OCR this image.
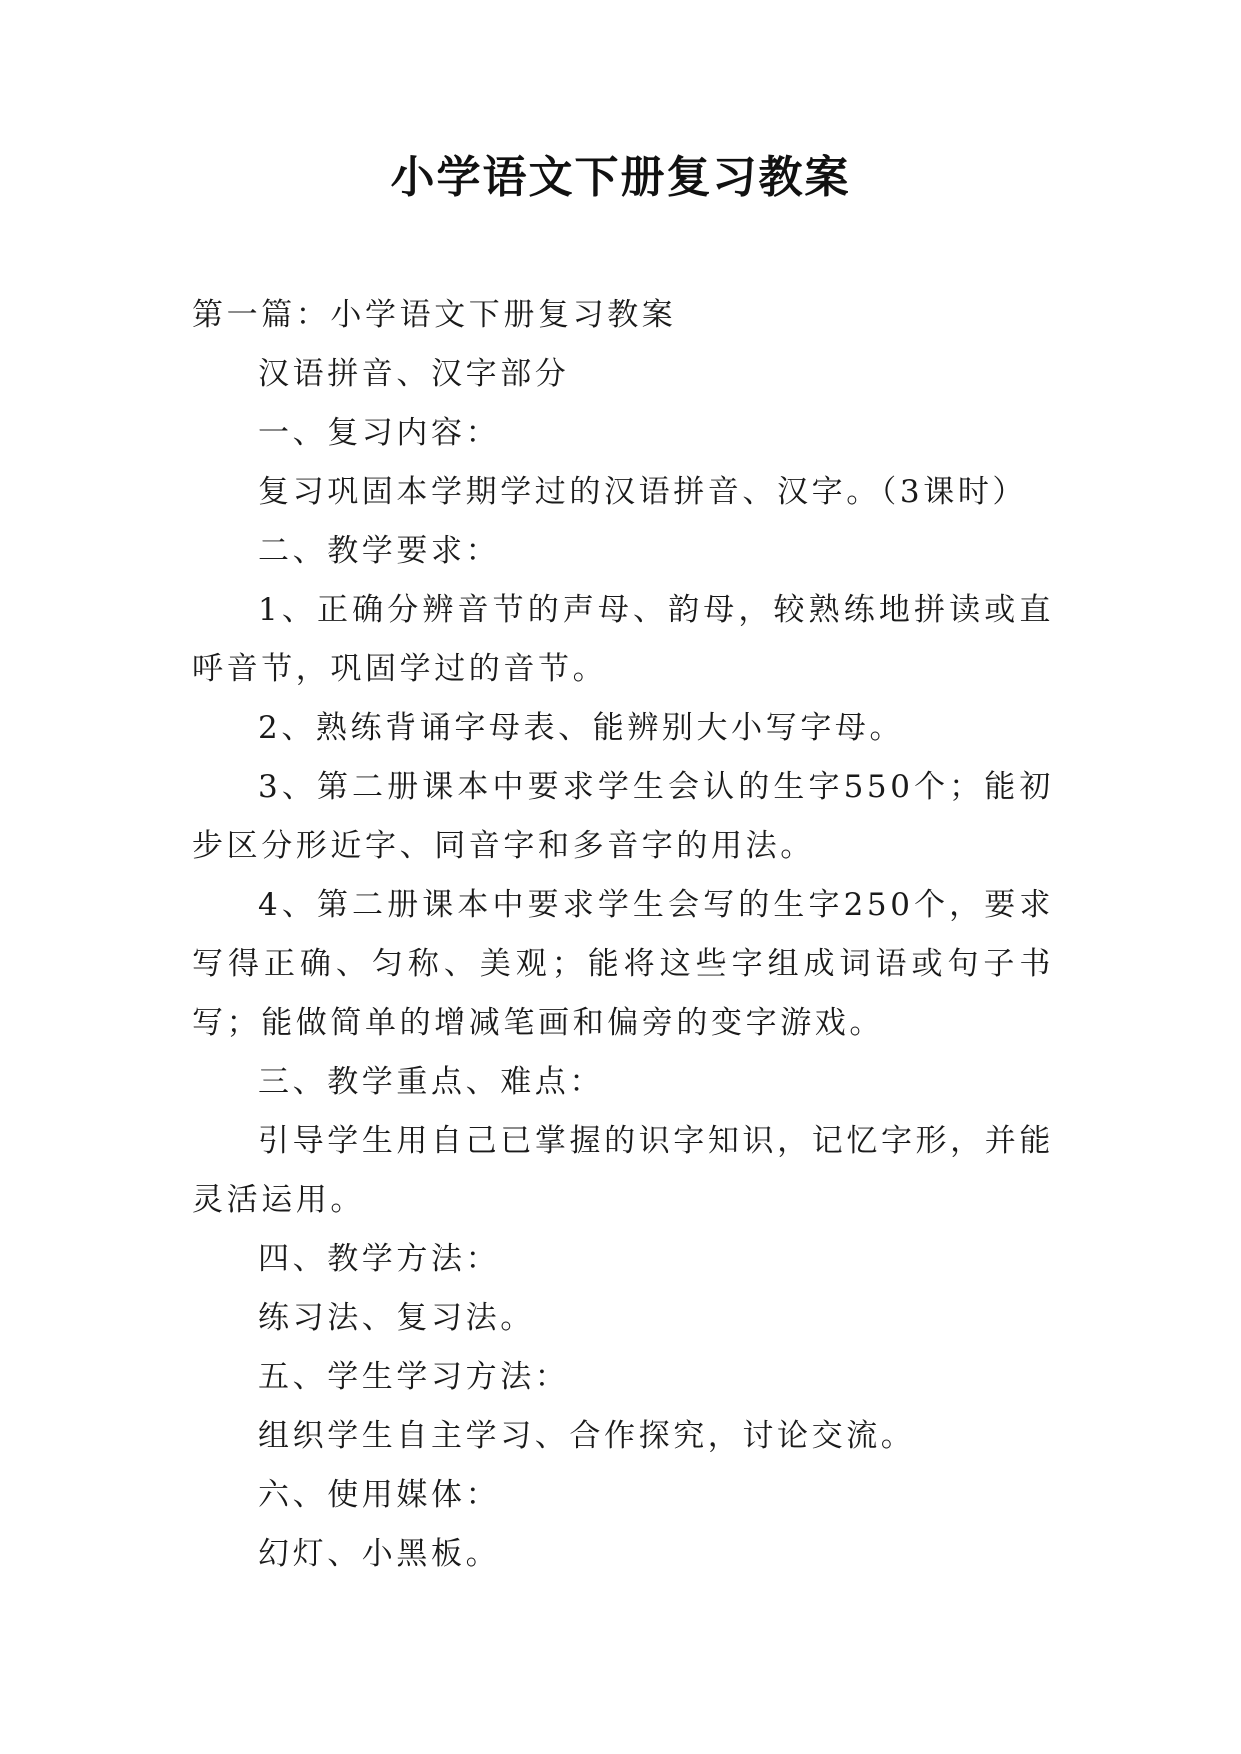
小学语文下册复习教案

第一篇：小学语文下册复习教案

汉语拼音、汉字部分

一、复习内容：

复习巩固本学期学过的汉语拼音、汉字。（3课时）

二、教学要求：

1、正确分辨音节的声母、韵母，较熟练地拼读或直呼音节，巩固学过的音节。

2、熟练背诵字母表、能辨别大小写字母。

3、第二册课本中要求学生会认的生字550个；能初步区分形近字、同音字和多音字的用法。

4、第二册课本中要求学生会写的生字250个，要求写得正确、匀称、美观；能将这些字组成词语或句子书写；能做简单的增减笔画和偏旁的变字游戏。

三、教学重点、难点：

引导学生用自己已掌握的识字知识，记忆字形，并能灵活运用。

四、教学方法：

练习法、复习法。

五、学生学习方法：

组织学生自主学习、合作探究，讨论交流。

六、使用媒体：

幻灯、小黑板。
